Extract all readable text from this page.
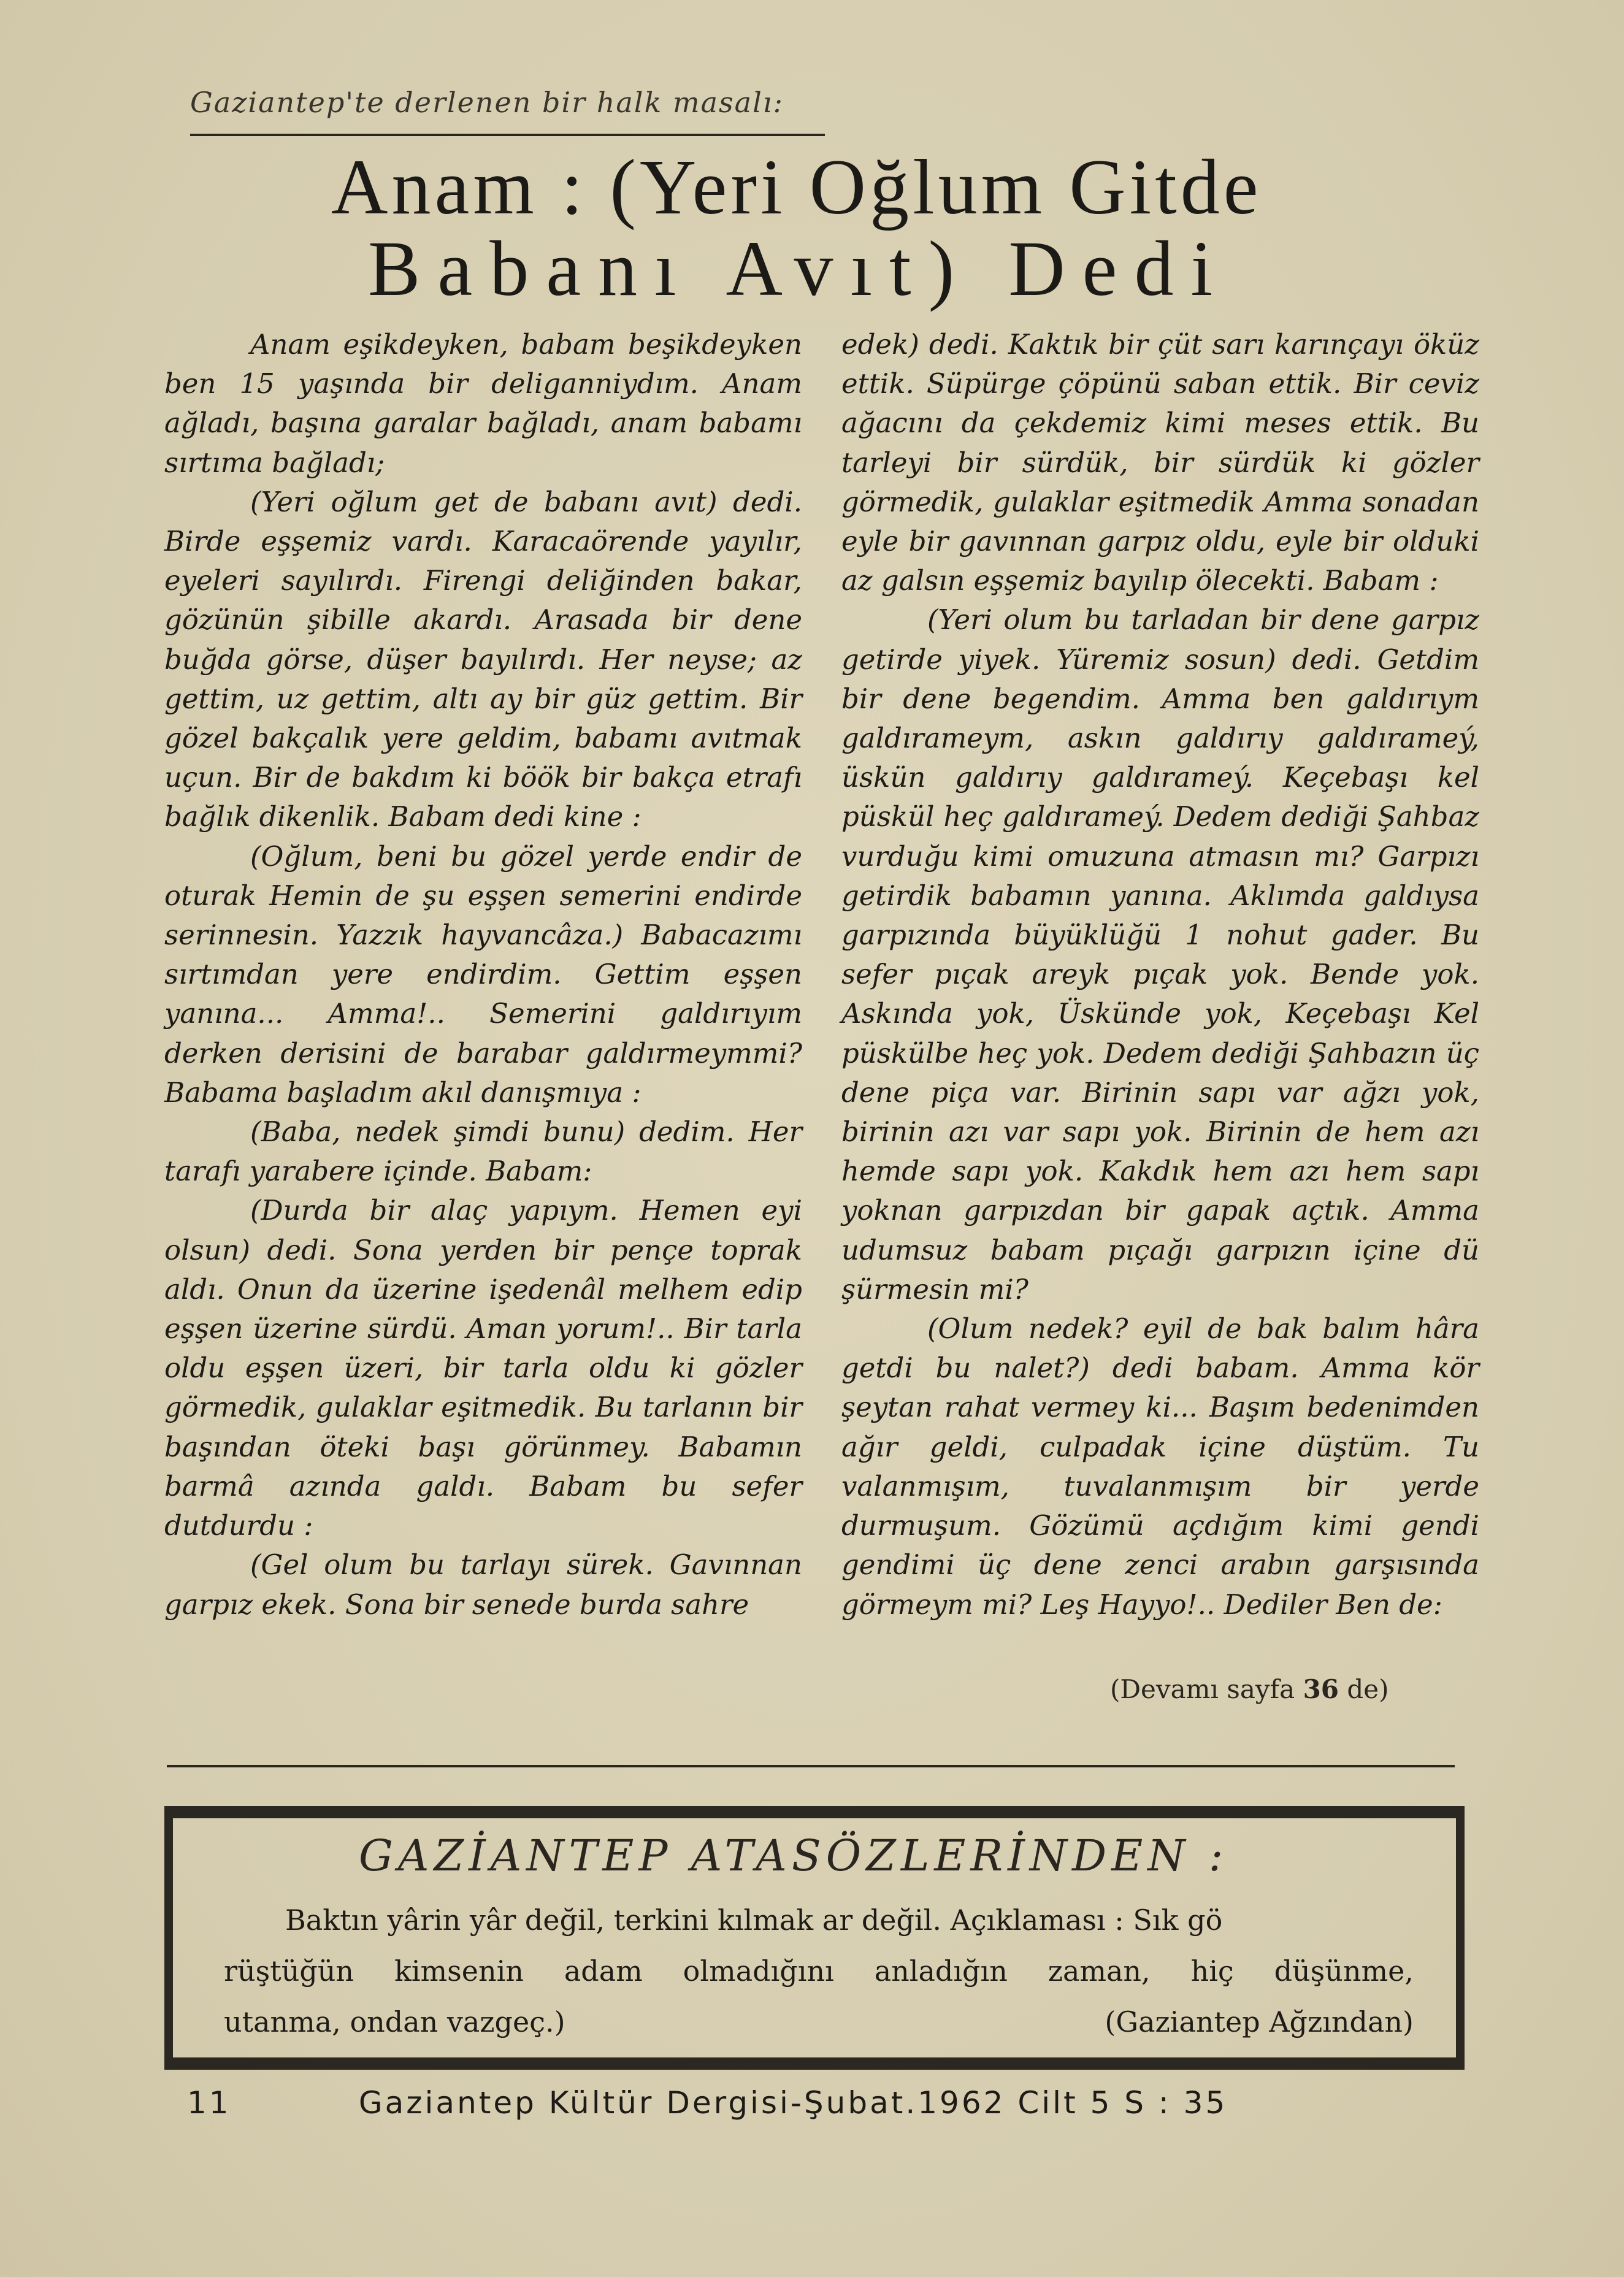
Gaziantep'te derlenen bir halk masalı:
Anam : (Yeri Oğlum Gitde
Babanı Avıt) Dedi

Anam eşikdeyken, babam beşikdeyken ben 15 yaşında bir deliganniydım. Anam ağladı, başına garalar bağladı, anam babamı sırtıma bağladı;

(Yeri oğlum get de babanı avıt) dedi. Birde eşşemiz vardı. Karacaörende yayılır, eyeleri sayılırdı. Firengi deliğinden bakar, gözünün şibille akardı. Arasada bir dene buğda görse, düşer bayılırdı. Her neyse; az gettim, uz gettim, altı ay bir güz gettim. Bir gözel bakçalık yere geldim, babamı avıtmak uçun. Bir de bakdım ki böök bir bakça etrafı bağlık dikenlik. Babam dedi kine :

(Oğlum, beni bu gözel yerde endir de oturak Hemin de şu eşşen semerini endirde serinnesin. Yazzık hayvancâza.) Babacazımı sırtımdan yere endirdim. Gettim eşşen yanına... Amma!.. Semerini galdırıyım derken derisini de barabar galdırmeymmi? Babama başladım akıl danışmıya :

(Baba, nedek şimdi bunu) dedim. Her tarafı yarabere içinde. Babam:

(Durda bir alaç yapıym. Hemen eyi olsun) dedi. Sona yerden bir pençe toprak aldı. Onun da üzerine işedenâl melhem edip eşşen üzerine sürdü. Aman yorum!.. Bir tarla oldu eşşen üzeri, bir tarla oldu ki gözler görmedik, gulaklar eşitmedik. Bu tarlanın bir başından öteki başı görünmey. Babamın barmâ azında galdı. Babam bu sefer dutdurdu :

(Gel olum bu tarlayı sürek. Gavınnan garpız ekek. Sona bir senede burda sahre

edek) dedi. Kaktık bir çüt sarı karınçayı öküz ettik. Süpürge çöpünü saban ettik. Bir ceviz ağacını da çekdemiz kimi meses ettik. Bu tarleyi bir sürdük, bir sürdük ki gözler görmedik, gulaklar eşitmedik Amma sonadan eyle bir gavınnan garpız oldu, eyle bir olduki az galsın eşşemiz bayılıp ölecekti. Babam :

(Yeri olum bu tarladan bir dene garpız getirde yiyek. Yüremiz sosun) dedi. Getdim bir dene begendim. Amma ben galdırıym galdırameym, askın galdırıy galdırameý, üskün galdırıy galdırameý. Keçebaşı kel püskül heç galdırameý. Dedem dediği Şahbaz vurduğu kimi omuzuna atmasın mı? Garpızı getirdik babamın yanına. Aklımda galdıysa garpızında büyüklüğü 1 nohut gader. Bu sefer pıçak areyk pıçak yok. Bende yok. Askında yok, Üskünde yok, Keçebaşı Kel püskülbe heç yok. Dedem dediği Şahbazın üç dene piça var. Birinin sapı var ağzı yok, birinin azı var sapı yok. Birinin de hem azı hemde sapı yok. Kakdık hem azı hem sapı yoknan garpızdan bir gapak açtık. Amma udumsuz babam pıçağı garpızın içine dü şürmesin mi?

(Olum nedek? eyil de bak balım hâra getdi bu nalet?) dedi babam. Amma kör şeytan rahat vermey ki... Başım bedenimden ağır geldi, culpadak içine düştüm. Tu valanmışım, tuvalanmışım bir yerde durmuşum. Gözümü açdığım kimi gendi gendimi üç dene zenci arabın garşısında görmeym mi? Leş Hayyo!.. Dediler Ben de:

(Devamı sayfa 36 de)
GAZİANTEP ATASÖZLERİNDEN :

Baktın yârin yâr değil, terkini kılmak ar değil. Açıklaması : Sık gö

rüştüğün kimsenin adam olmadığını anladığın zaman, hiç düşünme,

utanma, ondan vazgeç.)	(Gaziantep Ağzından)

11	Gaziantep Kültür Dergisi-Şubat.1962 Cilt 5 S : 35
